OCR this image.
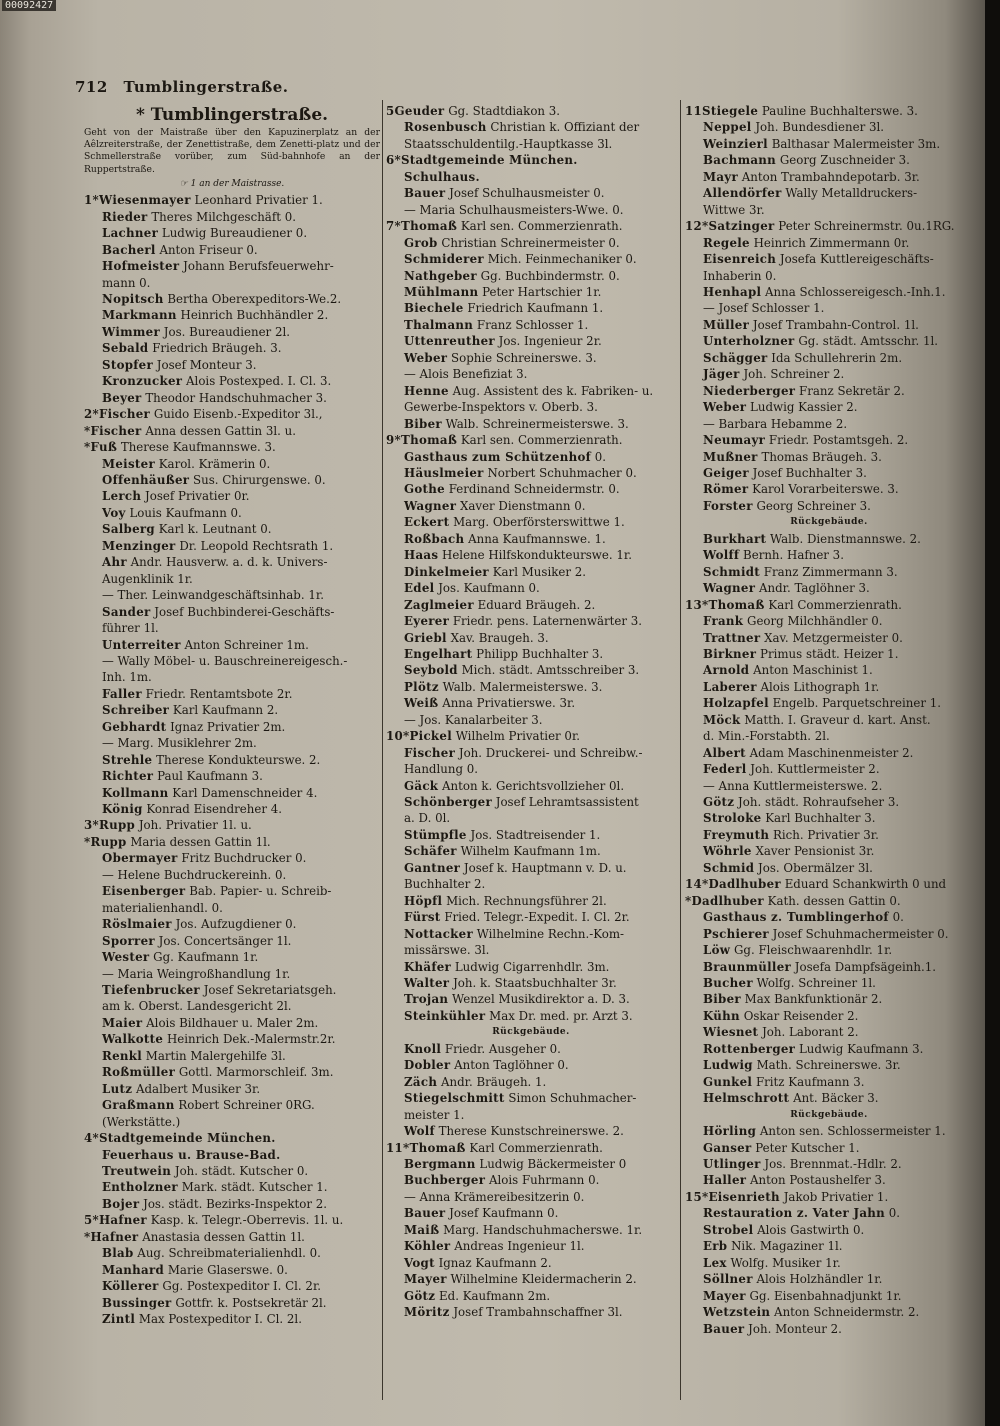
00092427
712 Tumblingerstraße.
* Tumblingerstraße.
Geht von der Maistraße über den Kapuzinerplatz an der Aêlzreiterstraße, der Zenettistraße, dem Zenetti-platz und der Schmellerstraße vorüber, zum Süd-bahnhofe an der Ruppertstraße.
☞ 1 an der Maistrasse.
1*Wiesenmayer Leonhard Privatier 1.
Rieder Theres Milchgeschäft 0.
Lachner Ludwig Bureaudiener 0.
Bacherl Anton Friseur 0.
Hofmeister Johann Berufsfeuerwehr-
mann 0.
Nopitsch Bertha Oberexpeditors-We.2.
Markmann Heinrich Buchhändler 2.
Wimmer Jos. Bureaudiener 2l.
Sebald Friedrich Bräugeh. 3.
Stopfer Josef Monteur 3.
Kronzucker Alois Postexped. I. Cl. 3.
Beyer Theodor Handschuhmacher 3.
2*Fischer Guido Eisenb.-Expeditor 3l.,
*Fischer Anna dessen Gattin 3l. u.
*Fuß Therese Kaufmannswe. 3.
Meister Karol. Krämerin 0.
Offenhäußer Sus. Chirurgenswe. 0.
Lerch Josef Privatier 0r.
Voy Louis Kaufmann 0.
Salberg Karl k. Leutnant 0.
Menzinger Dr. Leopold Rechtsrath 1.
Ahr Andr. Hausverw. a. d. k. Univers-
Augenklinik 1r.
— Ther. Leinwandgeschäftsinhab. 1r.
Sander Josef Buchbinderei-Geschäfts-
führer 1l.
Unterreiter Anton Schreiner 1m.
— Wally Möbel- u. Bauschreinereigesch.-
Inh. 1m.
Faller Friedr. Rentamtsbote 2r.
Schreiber Karl Kaufmann 2.
Gebhardt Ignaz Privatier 2m.
— Marg. Musiklehrer 2m.
Strehle Therese Kondukteurswe. 2.
Richter Paul Kaufmann 3.
Kollmann Karl Damenschneider 4.
König Konrad Eisendreher 4.
3*Rupp Joh. Privatier 1l. u.
*Rupp Maria dessen Gattin 1l.
Obermayer Fritz Buchdrucker 0.
— Helene Buchdruckereinh. 0.
Eisenberger Bab. Papier- u. Schreib-
materialienhandl. 0.
Röslmaier Jos. Aufzugdiener 0.
Sporrer Jos. Concertsänger 1l.
Wester Gg. Kaufmann 1r.
— Maria Weingroßhandlung 1r.
Tiefenbrucker Josef Sekretariatsgeh.
am k. Oberst. Landesgericht 2l.
Maier Alois Bildhauer u. Maler 2m.
Walkotte Heinrich Dek.-Malermstr.2r.
Renkl Martin Malergehilfe 3l.
Roßmüller Gottl. Marmorschleif. 3m.
Lutz Adalbert Musiker 3r.
Graßmann Robert Schreiner 0RG.
(Werkstätte.)
4*Stadtgemeinde München.
Feuerhaus u. Brause-Bad.
Treutwein Joh. städt. Kutscher 0.
Entholzner Mark. städt. Kutscher 1.
Bojer Jos. städt. Bezirks-Inspektor 2.
5*Hafner Kasp. k. Telegr.-Oberrevis. 1l. u.
*Hafner Anastasia dessen Gattin 1l.
Blab Aug. Schreibmaterialienhdl. 0.
Manhard Marie Glaserswe. 0.
Köllerer Gg. Postexpeditor I. Cl. 2r.
Bussinger Gottfr. k. Postsekretär 2l.
Zintl Max Postexpeditor I. Cl. 2l.
5Geuder Gg. Stadtdiakon 3.
Rosenbusch Christian k. Offiziant der
Staatsschuldentilg.-Hauptkasse 3l.
6*Stadtgemeinde München.
Schulhaus.
Bauer Josef Schulhausmeister 0.
— Maria Schulhausmeisters-Wwe. 0.
7*Thomaß Karl sen. Commerzienrath.
Grob Christian Schreinermeister 0.
Schmiderer Mich. Feinmechaniker 0.
Nathgeber Gg. Buchbindermstr. 0.
Mühlmann Peter Hartschier 1r.
Biechele Friedrich Kaufmann 1.
Thalmann Franz Schlosser 1.
Uttenreuther Jos. Ingenieur 2r.
Weber Sophie Schreinerswe. 3.
— Alois Benefiziat 3.
Henne Aug. Assistent des k. Fabriken- u.
Gewerbe-Inspektors v. Oberb. 3.
Biber Walb. Schreinermeisterswe. 3.
9*Thomaß Karl sen. Commerzienrath.
Gasthaus zum Schützenhof 0.
Häuslmeier Norbert Schuhmacher 0.
Gothe Ferdinand Schneidermstr. 0.
Wagner Xaver Dienstmann 0.
Eckert Marg. Oberförsterswittwe 1.
Roßbach Anna Kaufmannswe. 1.
Haas Helene Hilfskondukteurswe. 1r.
Dinkelmeier Karl Musiker 2.
Edel Jos. Kaufmann 0.
Zaglmeier Eduard Bräugeh. 2.
Eyerer Friedr. pens. Laternenwärter 3.
Griebl Xav. Braugeh. 3.
Engelhart Philipp Buchhalter 3.
Seybold Mich. städt. Amtsschreiber 3.
Plötz Walb. Malermeisterswe. 3.
Weiß Anna Privatierswe. 3r.
— Jos. Kanalarbeiter 3.
10*Pickel Wilhelm Privatier 0r.
Fischer Joh. Druckerei- und Schreibw.-
Handlung 0.
Gäck Anton k. Gerichtsvollzieher 0l.
Schönberger Josef Lehramtsassistent
a. D. 0l.
Stümpfle Jos. Stadtreisender 1.
Schäfer Wilhelm Kaufmann 1m.
Gantner Josef k. Hauptmann v. D. u.
Buchhalter 2.
Höpfl Mich. Rechnungsführer 2l.
Fürst Fried. Telegr.-Expedit. I. Cl. 2r.
Nottacker Wilhelmine Rechn.-Kom-
missärswe. 3l.
Khäfer Ludwig Cigarrenhdlr. 3m.
Walter Joh. k. Staatsbuchhalter 3r.
Trojan Wenzel Musikdirektor a. D. 3.
Steinkühler Max Dr. med. pr. Arzt 3.
Rückgebäude.
Knoll Friedr. Ausgeher 0.
Dobler Anton Taglöhner 0.
Zäch Andr. Bräugeh. 1.
Stiegelschmitt Simon Schuhmacher-
meister 1.
Wolf Therese Kunstschreinerswe. 2.
11*Thomaß Karl Commerzienrath.
Bergmann Ludwig Bäckermeister 0
Buchberger Alois Fuhrmann 0.
— Anna Krämereibesitzerin 0.
Bauer Josef Kaufmann 0.
Maiß Marg. Handschuhmacherswe. 1r.
Köhler Andreas Ingenieur 1l.
Vogt Ignaz Kaufmann 2.
Mayer Wilhelmine Kleidermacherin 2.
Götz Ed. Kaufmann 2m.
Möritz Josef Trambahnschaffner 3l.
11Stiegele Pauline Buchhalterswe. 3.
Neppel Joh. Bundesdiener 3l.
Weinzierl Balthasar Malermeister 3m.
Bachmann Georg Zuschneider 3.
Mayr Anton Trambahndepotarb. 3r.
Allendörfer Wally Metalldruckers-
Wittwe 3r.
12*Satzinger Peter Schreinermstr. 0u.1RG.
Regele Heinrich Zimmermann 0r.
Eisenreich Josefa Kuttlereigeschäfts-
Inhaberin 0.
Henhapl Anna Schlossereigesch.-Inh.1.
— Josef Schlosser 1.
Müller Josef Trambahn-Control. 1l.
Unterholzner Gg. städt. Amtsschr. 1l.
Schägger Ida Schullehrerin 2m.
Jäger Joh. Schreiner 2.
Niederberger Franz Sekretär 2.
Weber Ludwig Kassier 2.
— Barbara Hebamme 2.
Neumayr Friedr. Postamtsgeh. 2.
Mußner Thomas Bräugeh. 3.
Geiger Josef Buchhalter 3.
Römer Karol Vorarbeiterswe. 3.
Forster Georg Schreiner 3.
Rückgebäude.
Burkhart Walb. Dienstmannswe. 2.
Wolff Bernh. Hafner 3.
Schmidt Franz Zimmermann 3.
Wagner Andr. Taglöhner 3.
13*Thomaß Karl Commerzienrath.
Frank Georg Milchhändler 0.
Trattner Xav. Metzgermeister 0.
Birkner Primus städt. Heizer 1.
Arnold Anton Maschinist 1.
Laberer Alois Lithograph 1r.
Holzapfel Engelb. Parquetschreiner 1.
Möck Matth. I. Graveur d. kart. Anst.
d. Min.-Forstabth. 2l.
Albert Adam Maschinenmeister 2.
Federl Joh. Kuttlermeister 2.
— Anna Kuttlermeisterswe. 2.
Götz Joh. städt. Rohraufseher 3.
Stroloke Karl Buchhalter 3.
Freymuth Rich. Privatier 3r.
Wöhrle Xaver Pensionist 3r.
Schmid Jos. Obermälzer 3l.
14*Dadlhuber Eduard Schankwirth 0 und
*Dadlhuber Kath. dessen Gattin 0.
Gasthaus z. Tumblingerhof 0.
Pschierer Josef Schuhmachermeister 0.
Löw Gg. Fleischwaarenhdlr. 1r.
Braunmüller Josefa Dampfsägeinh.1.
Bucher Wolfg. Schreiner 1l.
Biber Max Bankfunktionär 2.
Kühn Oskar Reisender 2.
Wiesnet Joh. Laborant 2.
Rottenberger Ludwig Kaufmann 3.
Ludwig Math. Schreinerswe. 3r.
Gunkel Fritz Kaufmann 3.
Helmschrott Ant. Bäcker 3.
Rückgebäude.
Hörling Anton sen. Schlossermeister 1.
Ganser Peter Kutscher 1.
Utlinger Jos. Brennmat.-Hdlr. 2.
Haller Anton Postaushelfer 3.
15*Eisenrieth Jakob Privatier 1.
Restauration z. Vater Jahn 0.
Strobel Alois Gastwirth 0.
Erb Nik. Magaziner 1l.
Lex Wolfg. Musiker 1r.
Söllner Alois Holzhändler 1r.
Mayer Gg. Eisenbahnadjunkt 1r.
Wetzstein Anton Schneidermstr. 2.
Bauer Joh. Monteur 2.
